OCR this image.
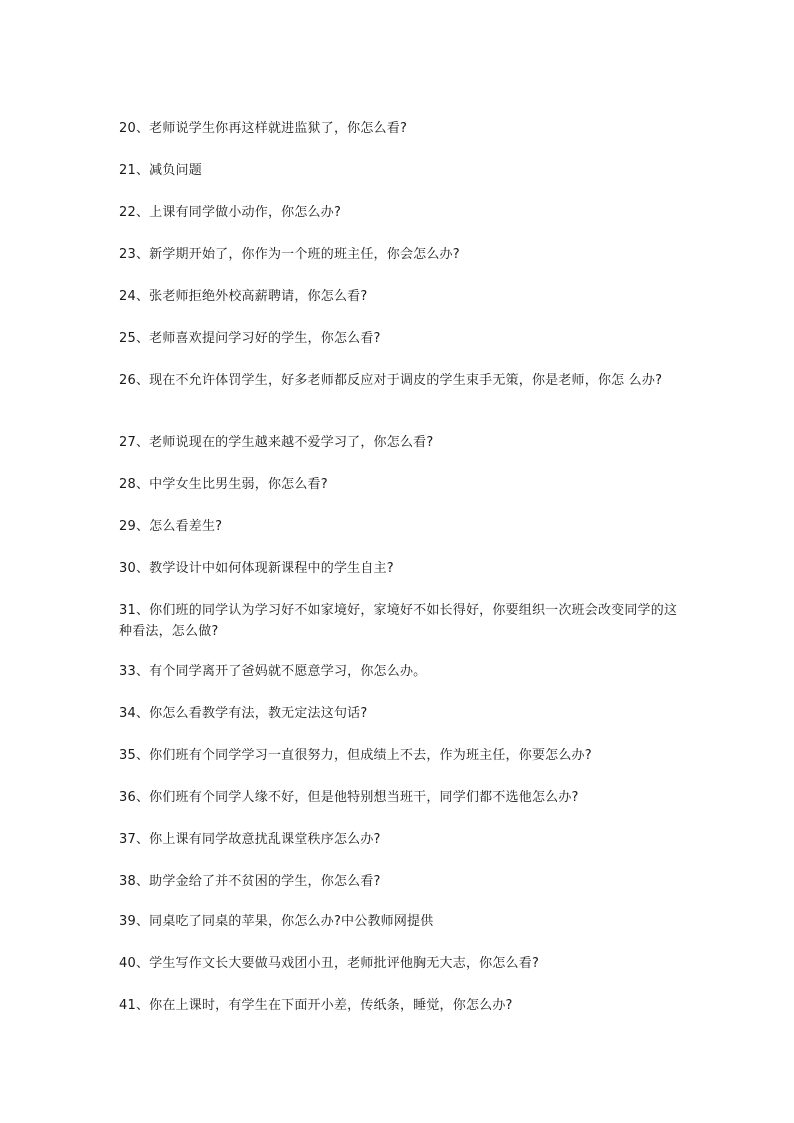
20、老师说学生你再这样就进监狱了，你怎么看?
21、减负问题
22、上课有同学做小动作，你怎么办?
23、新学期开始了，你作为一个班的班主任，你会怎么办?
24、张老师拒绝外校高薪聘请，你怎么看?
25、老师喜欢提问学习好的学生，你怎么看?
26、现在不允许体罚学生，好多老师都反应对于调皮的学生束手无策，你是老师，你怎 么办?
27、老师说现在的学生越来越不爱学习了，你怎么看?
28、中学女生比男生弱，你怎么看?
29、怎么看差生?
30、教学设计中如何体现新课程中的学生自主?
31、你们班的同学认为学习好不如家境好，家境好不如长得好，你要组织一次班会改变同学的这种看法，怎么做?
33、有个同学离开了爸妈就不愿意学习，你怎么办。
34、你怎么看教学有法，教无定法这句话?
35、你们班有个同学学习一直很努力，但成绩上不去，作为班主任，你要怎么办?
36、你们班有个同学人缘不好，但是他特别想当班干，同学们都不选他怎么办?
37、你上课有同学故意扰乱课堂秩序怎么办?
38、助学金给了并不贫困的学生，你怎么看?
39、同桌吃了同桌的苹果，你怎么办?中公教师网提供
40、学生写作文长大要做马戏团小丑，老师批评他胸无大志，你怎么看?
41、你在上课时，有学生在下面开小差，传纸条，睡觉，你怎么办?
